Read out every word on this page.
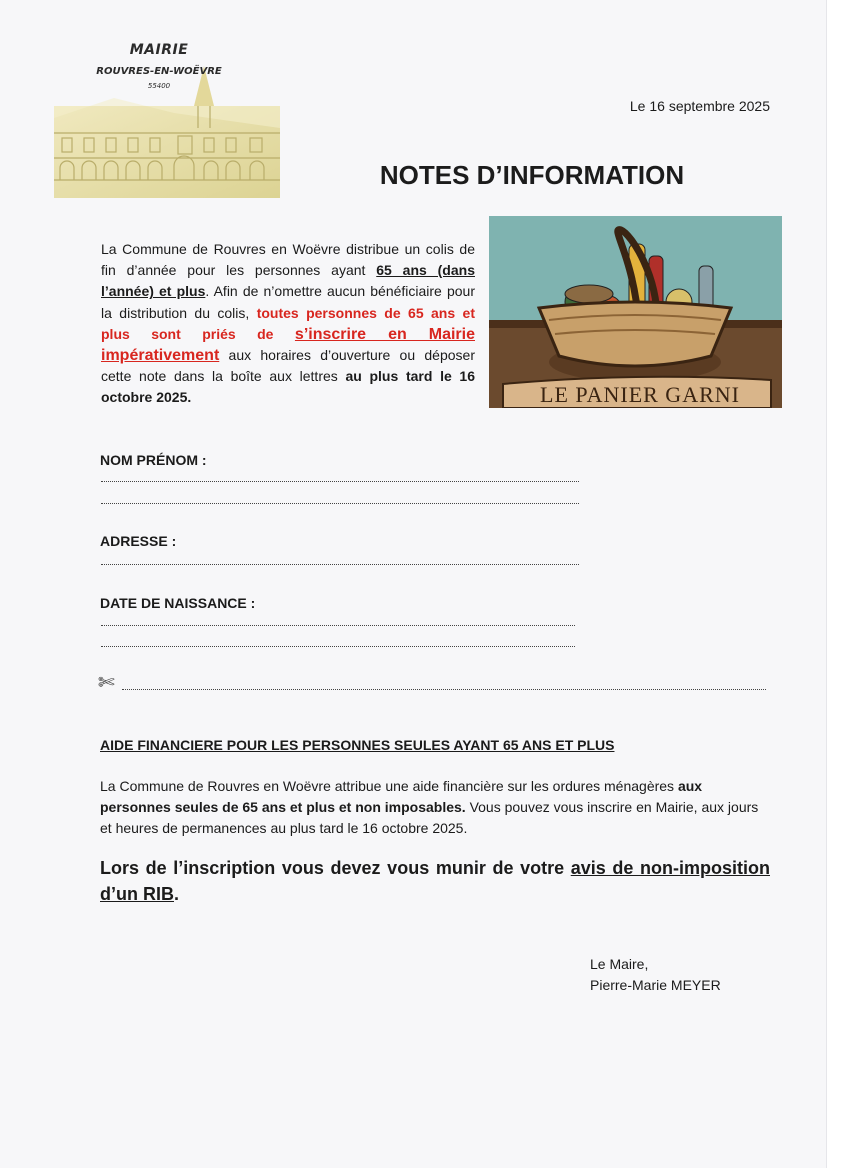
MAIRIE
ROUVRES-EN-WOËVRE
55400
Le 16 septembre 2025
NOTES D’INFORMATION
La Commune de Rouvres en Woëvre distribue un colis de fin d’année pour les personnes ayant 65 ans (dans l’année) et plus. Afin de n’omettre aucun bénéficiaire pour la distribution du colis, toutes personnes de 65 ans et plus sont priés de s’inscrire en Mairie impérativement aux horaires d’ouverture ou déposer cette note dans la boîte aux lettres au plus tard le 16 octobre 2025.	LE PANIER GARNI
NOM PRÉNOM :
ADRESSE :
DATE DE NAISSANCE :
✄
AIDE FINANCIERE POUR LES PERSONNES SEULES AYANT 65 ANS ET PLUS
La Commune de Rouvres en Woëvre attribue une aide financière sur les ordures ménagères aux personnes seules de 65 ans et plus et non imposables. Vous pouvez vous inscrire en Mairie, aux jours et heures de permanences au plus tard le 16 octobre 2025.
Lors de l’inscription vous devez vous munir de votre avis de non-imposition d’un RIB.
Le Maire,
Pierre-Marie MEYER
